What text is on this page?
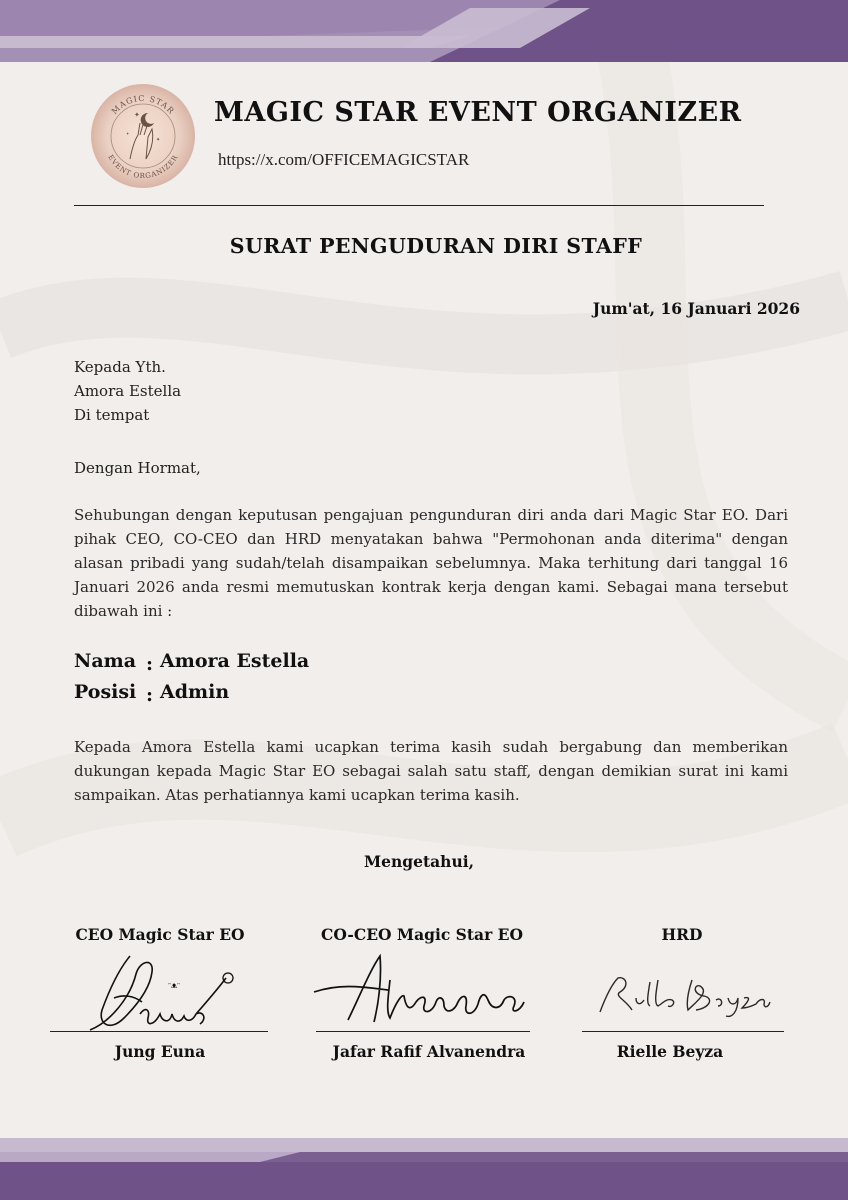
MAGIC STAR
EVENT ORGANIZER
✦
✦
✦
MAGIC STAR EVENT ORGANIZER
https://x.com/OFFICEMAGICSTAR
SURAT PENGUDURAN DIRI STAFF
Jum'at, 16 Januari 2026
Kepada Yth.
Amora Estella
Di tempat
Dengan Hormat,
Sehubungan dengan keputusan pengajuan pengunduran diri anda dari Magic Star EO. Dari pihak CEO, CO-CEO dan HRD menyatakan bahwa "Permohonan anda diterima" dengan alasan pribadi yang sudah/telah disampaikan sebelumnya. Maka terhitung dari tanggal 16 Januari 2026 anda resmi memutuskan kontrak kerja dengan kami. Sebagai mana tersebut dibawah ini :
Nama : Amora Estella
Posisi : Admin
Kepada Amora Estella kami ucapkan terima kasih sudah bergabung dan memberikan dukungan kepada Magic Star EO sebagai salah satu staff, dengan demikian surat ini kami sampaikan. Atas perhatiannya kami ucapkan terima kasih.
Mengetahui,
CEO Magic Star EO
ᵔᴥᵔ
Jung Euna
CO-CEO Magic Star EO
Jafar Rafif Alvanendra
HRD
Rielle Beyza
